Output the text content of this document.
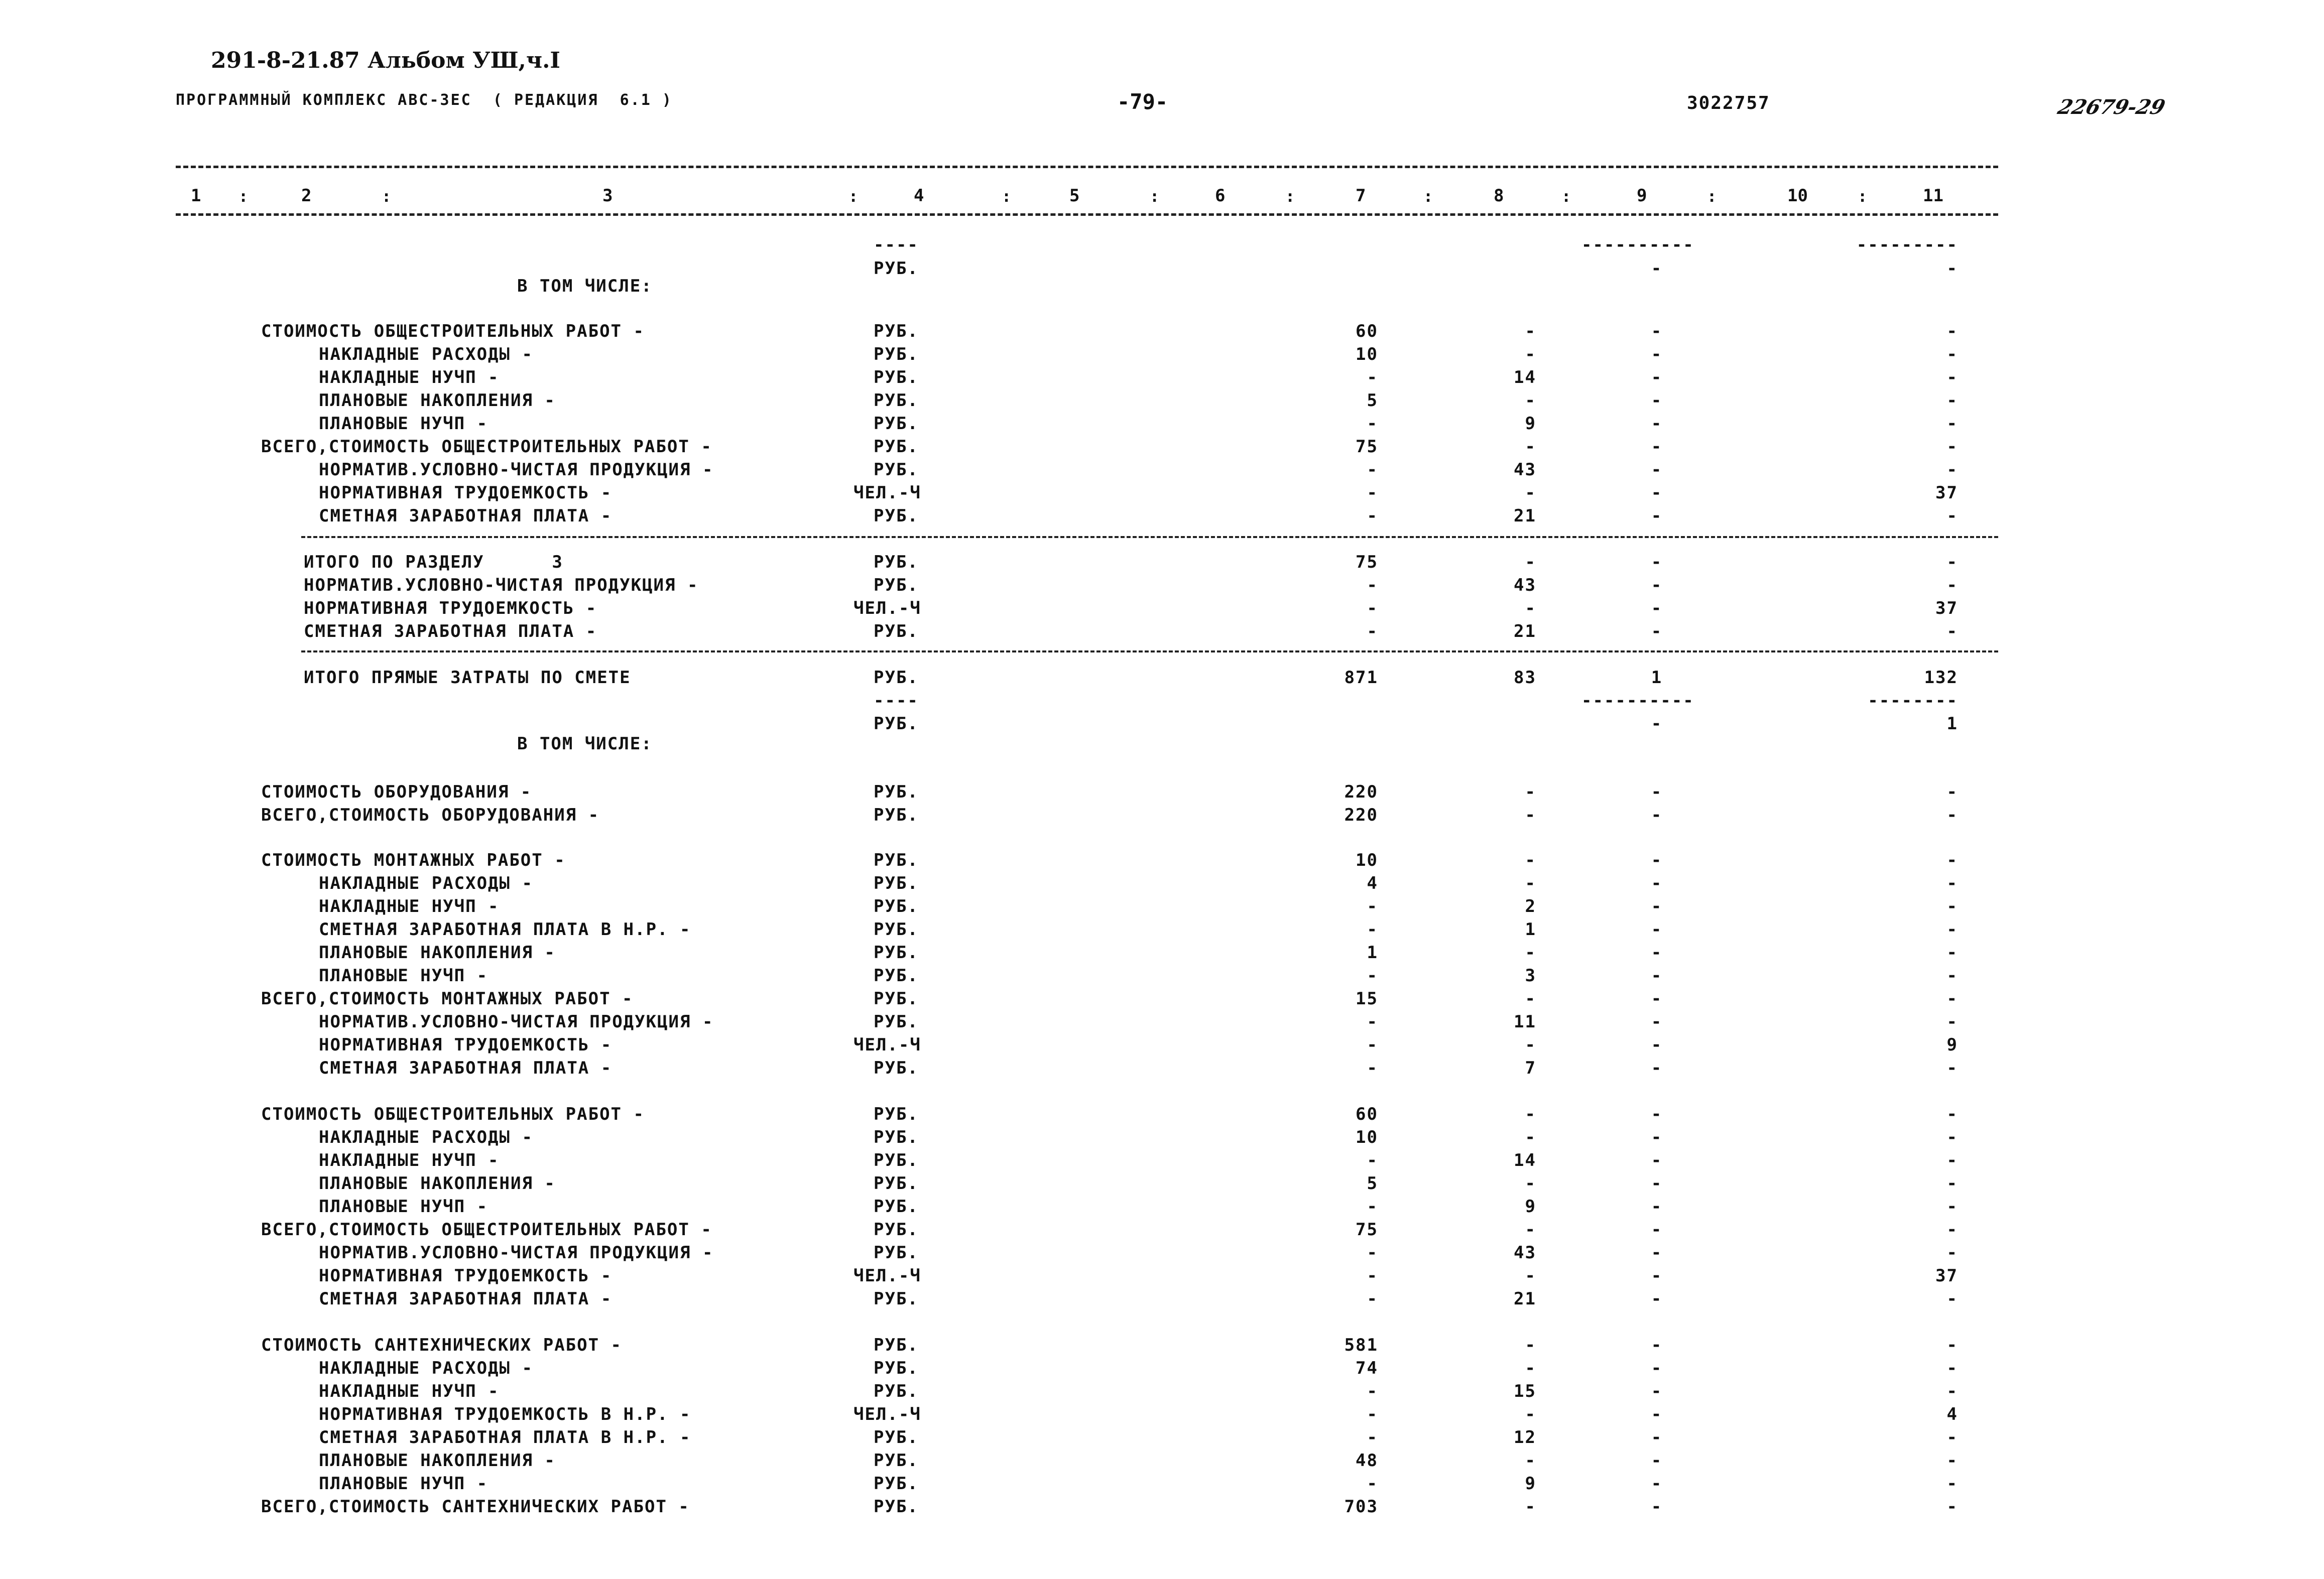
291-8-21.87 Альбом УШ,ч.I
ПРОГРАММНЫЙ КОМПЛЕКС АВС-3ЕС  ( РЕДАКЦИЯ  6.1 )	-79-	3022757	22679-29
1	2	3	4	5	6	7	8	9	10	11
:	:	:	:	:	:	:	:	:	:
----	----------	---------
РУБ.	-	-
В ТОМ ЧИСЛЕ:
СТОИМОСТЬ ОБЩЕСТРОИТЕЛЬНЫХ РАБОТ -	РУБ.	60	-	-	-
НАКЛАДНЫЕ РАСХОДЫ -	РУБ.	10	-	-	-
НАКЛАДНЫЕ НУЧП -	РУБ.	-	14	-	-
ПЛАНОВЫЕ НАКОПЛЕНИЯ -	РУБ.	5	-	-	-
ПЛАНОВЫЕ НУЧП -	РУБ.	-	9	-	-
ВСЕГО,СТОИМОСТЬ ОБЩЕСТРОИТЕЛЬНЫХ РАБОТ -	РУБ.	75	-	-	-
НОРМАТИВ.УСЛОВНО-ЧИСТАЯ ПРОДУКЦИЯ -	РУБ.	-	43	-	-
НОРМАТИВНАЯ ТРУДОЕМКОСТЬ -	ЧЕЛ.-Ч	-	-	-	37
СМЕТНАЯ ЗАРАБОТНАЯ ПЛАТА -	РУБ.	-	21	-	-
ИТОГО ПО РАЗДЕЛУ      3	РУБ.	75	-	-	-
НОРМАТИВ.УСЛОВНО-ЧИСТАЯ ПРОДУКЦИЯ -	РУБ.	-	43	-	-
НОРМАТИВНАЯ ТРУДОЕМКОСТЬ -	ЧЕЛ.-Ч	-	-	-	37
СМЕТНАЯ ЗАРАБОТНАЯ ПЛАТА -	РУБ.	-	21	-	-
ИТОГО ПРЯМЫЕ ЗАТРАТЫ ПО СМЕТЕ	РУБ.	871	83	1	132
----	----------	--------
РУБ.	-	1
В ТОМ ЧИСЛЕ:
СТОИМОСТЬ ОБОРУДОВАНИЯ -	РУБ.	220	-	-	-
ВСЕГО,СТОИМОСТЬ ОБОРУДОВАНИЯ -	РУБ.	220	-	-	-
СТОИМОСТЬ МОНТАЖНЫХ РАБОТ -	РУБ.	10	-	-	-
НАКЛАДНЫЕ РАСХОДЫ -	РУБ.	4	-	-	-
НАКЛАДНЫЕ НУЧП -	РУБ.	-	2	-	-
СМЕТНАЯ ЗАРАБОТНАЯ ПЛАТА В Н.Р. -	РУБ.	-	1	-	-
ПЛАНОВЫЕ НАКОПЛЕНИЯ -	РУБ.	1	-	-	-
ПЛАНОВЫЕ НУЧП -	РУБ.	-	3	-	-
ВСЕГО,СТОИМОСТЬ МОНТАЖНЫХ РАБОТ -	РУБ.	15	-	-	-
НОРМАТИВ.УСЛОВНО-ЧИСТАЯ ПРОДУКЦИЯ -	РУБ.	-	11	-	-
НОРМАТИВНАЯ ТРУДОЕМКОСТЬ -	ЧЕЛ.-Ч	-	-	-	9
СМЕТНАЯ ЗАРАБОТНАЯ ПЛАТА -	РУБ.	-	7	-	-
СТОИМОСТЬ ОБЩЕСТРОИТЕЛЬНЫХ РАБОТ -	РУБ.	60	-	-	-
НАКЛАДНЫЕ РАСХОДЫ -	РУБ.	10	-	-	-
НАКЛАДНЫЕ НУЧП -	РУБ.	-	14	-	-
ПЛАНОВЫЕ НАКОПЛЕНИЯ -	РУБ.	5	-	-	-
ПЛАНОВЫЕ НУЧП -	РУБ.	-	9	-	-
ВСЕГО,СТОИМОСТЬ ОБЩЕСТРОИТЕЛЬНЫХ РАБОТ -	РУБ.	75	-	-	-
НОРМАТИВ.УСЛОВНО-ЧИСТАЯ ПРОДУКЦИЯ -	РУБ.	-	43	-	-
НОРМАТИВНАЯ ТРУДОЕМКОСТЬ -	ЧЕЛ.-Ч	-	-	-	37
СМЕТНАЯ ЗАРАБОТНАЯ ПЛАТА -	РУБ.	-	21	-	-
СТОИМОСТЬ САНТЕХНИЧЕСКИХ РАБОТ -	РУБ.	581	-	-	-
НАКЛАДНЫЕ РАСХОДЫ -	РУБ.	74	-	-	-
НАКЛАДНЫЕ НУЧП -	РУБ.	-	15	-	-
НОРМАТИВНАЯ ТРУДОЕМКОСТЬ В Н.Р. -	ЧЕЛ.-Ч	-	-	-	4
СМЕТНАЯ ЗАРАБОТНАЯ ПЛАТА В Н.Р. -	РУБ.	-	12	-	-
ПЛАНОВЫЕ НАКОПЛЕНИЯ -	РУБ.	48	-	-	-
ПЛАНОВЫЕ НУЧП -	РУБ.	-	9	-	-
ВСЕГО,СТОИМОСТЬ САНТЕХНИЧЕСКИХ РАБОТ -	РУБ.	703	-	-	-
